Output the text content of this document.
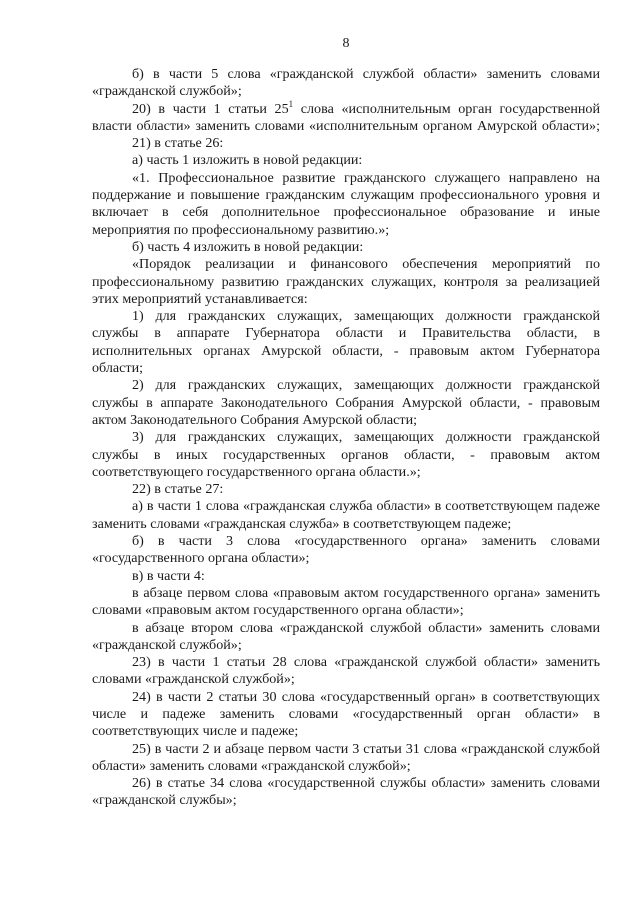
8

б) в части 5 слова «гражданской службой области» заменить словами «гражданской службой»;

20) в части 1 статьи $25^1$ слова «исполнительным орган государственной власти области» заменить словами «исполнительным органом Амурской области»;

21) в статье 26:

а) часть 1 изложить в новой редакции:

«1. Профессиональное развитие гражданского служащего направлено на поддержание и повышение гражданским служащим профессионального уровня и включает в себя дополнительное профессиональное образование и иные мероприятия по профессиональному развитию.»;

б) часть 4 изложить в новой редакции:

«Порядок реализации и финансового обеспечения мероприятий по профессиональному развитию гражданских служащих, контроля за реализацией этих мероприятий устанавливается:

1) для гражданских служащих, замещающих должности гражданской службы в аппарате Губернатора области и Правительства области, в исполнительных органах Амурской области, - правовым актом Губернатора области;

2) для гражданских служащих, замещающих должности гражданской службы в аппарате Законодательного Собрания Амурской области, - правовым актом Законодательного Собрания Амурской области;

3) для гражданских служащих, замещающих должности гражданской службы в иных государственных органов области, - правовым актом соответствующего государственного органа области.»;

22) в статье 27:

а) в части 1 слова «гражданская служба области» в соответствующем падеже заменить словами «гражданская служба» в соответствующем падеже;

б) в части 3 слова «государственного органа» заменить словами «государственного органа области»;

в) в части 4:

в абзаце первом слова «правовым актом государственного органа» заменить словами «правовым актом государственного органа области»;

в абзаце втором слова «гражданской службой области» заменить словами «гражданской службой»;

23) в части 1 статьи 28 слова «гражданской службой области» заменить словами «гражданской службой»;

24) в части 2 статьи 30 слова «государственный орган» в соответствующих числе и падеже заменить словами «государственный орган области» в соответствующих числе и падеже;

25) в части 2 и абзаце первом части 3 статьи 31 слова «гражданской службой области» заменить словами «гражданской службой»;

26) в статье 34 слова «государственной службы области» заменить словами «гражданской службы»;
